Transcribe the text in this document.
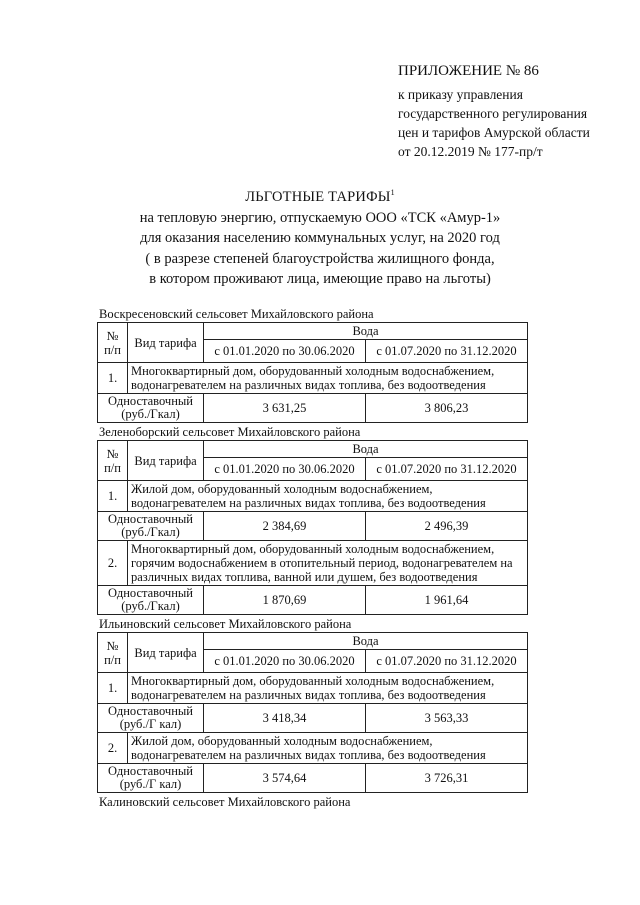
ПРИЛОЖЕНИЕ № 86
к приказу управления
государственного регулирования
цен и тарифов Амурской области
от 20.12.2019 № 177-пр/т
ЛЬГОТНЫЕ ТАРИФЫ$^1$
на тепловую энергию, отпускаемую ООО «ТСК «Амур-1»
для оказания населению коммунальных услуг, на 2020 год
( в разрезе степеней благоустройства жилищного фонда,
в котором проживают лица, имеющие право на льготы)
Воскресеновский сельсовет Михайловского района
№ п/п	Вид тарифа	Вода	
		с 01.01.2020 по 30.06.2020	с 01.07.2020 по 31.12.2020
1.	Многоквартирный дом, оборудованный холодным водоснабжением, водонагревателем на различных видах топлива, без водоотведения		
Одноставочный (руб./Гкал)		3 631,25	3 806,23
Зеленоборский сельсовет Михайловского района
№ п/п	Вид тарифа	Вода	
		с 01.01.2020 по 30.06.2020	с 01.07.2020 по 31.12.2020
1.	Жилой дом, оборудованный холодным водоснабжением, водонагревателем на различных видах топлива, без водоотведения		
Одноставочный (руб./Гкал)		2 384,69	2 496,39
2.	Многоквартирный дом, оборудованный холодным водоснабжением, горячим водоснабжением в отопительный период, водонагревателем на различных видах топлива, ванной или душем, без водоотведения		
Одноставочный (руб./Гкал)		1 870,69	1 961,64
Ильиновский сельсовет Михайловского района
№ п/п	Вид тарифа	Вода	
		с 01.01.2020 по 30.06.2020	с 01.07.2020 по 31.12.2020
1.	Многоквартирный дом, оборудованный холодным водоснабжением, водонагревателем на различных видах топлива, без водоотведения		
Одноставочный (руб./Г кал)		3 418,34	3 563,33
2.	Жилой дом, оборудованный холодным водоснабжением, водонагревателем на различных видах топлива, без водоотведения		
Одноставочный (руб./Г кал)		3 574,64	3 726,31
Калиновский сельсовет Михайловского района
